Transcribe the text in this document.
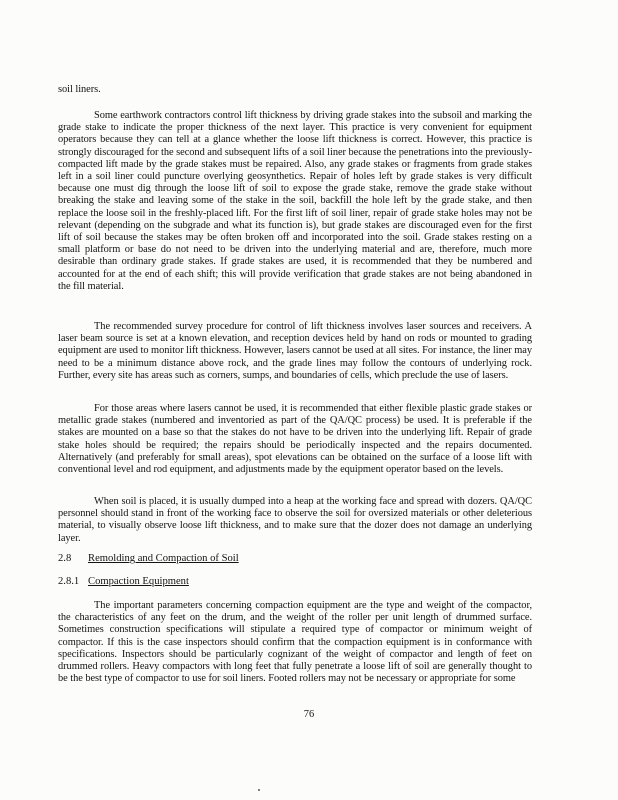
soil liners.

Some earthwork contractors control lift thickness by driving grade stakes into the subsoil and marking the grade stake to indicate the proper thickness of the next layer. This practice is very convenient for equipment operators because they can tell at a glance whether the loose lift thickness is correct. However, this practice is strongly discouraged for the second and subsequent lifts of a soil liner because the penetrations into the previously-compacted lift made by the grade stakes must be repaired. Also, any grade stakes or fragments from grade stakes left in a soil liner could puncture overlying geosynthetics. Repair of holes left by grade stakes is very difficult because one must dig through the loose lift of soil to expose the grade stake, remove the grade stake without breaking the stake and leaving some of the stake in the soil, backfill the hole left by the grade stake, and then replace the loose soil in the freshly-placed lift. For the first lift of soil liner, repair of grade stake holes may not be relevant (depending on the subgrade and what its function is), but grade stakes are discouraged even for the first lift of soil because the stakes may be often broken off and incorporated into the soil. Grade stakes resting on a small platform or base do not need to be driven into the underlying material and are, therefore, much more desirable than ordinary grade stakes. If grade stakes are used, it is recommended that they be numbered and accounted for at the end of each shift; this will provide verification that grade stakes are not being abandoned in the fill material.

The recommended survey procedure for control of lift thickness involves laser sources and receivers. A laser beam source is set at a known elevation, and reception devices held by hand on rods or mounted to grading equipment are used to monitor lift thickness. However, lasers cannot be used at all sites. For instance, the liner may need to be a minimum distance above rock, and the grade lines may follow the contours of underlying rock. Further, every site has areas such as corners, sumps, and boundaries of cells, which preclude the use of lasers.

For those areas where lasers cannot be used, it is recommended that either flexible plastic grade stakes or metallic grade stakes (numbered and inventoried as part of the QA/QC process) be used. It is preferable if the stakes are mounted on a base so that the stakes do not have to be driven into the underlying lift. Repair of grade stake holes should be required; the repairs should be periodically inspected and the repairs documented. Alternatively (and preferably for small areas), spot elevations can be obtained on the surface of a loose lift with conventional level and rod equipment, and adjustments made by the equipment operator based on the levels.

When soil is placed, it is usually dumped into a heap at the working face and spread with dozers. QA/QC personnel should stand in front of the working face to observe the soil for oversized materials or other deleterious material, to visually observe loose lift thickness, and to make sure that the dozer does not damage an underlying layer.

2.8 Remolding and Compaction of Soil

2.8.1 Compaction Equipment

The important parameters concerning compaction equipment are the type and weight of the compactor, the characteristics of any feet on the drum, and the weight of the roller per unit length of drummed surface. Sometimes construction specifications will stipulate a required type of compactor or minimum weight of compactor. If this is the case inspectors should confirm that the compaction equipment is in conformance with specifications. Inspectors should be particularly cognizant of the weight of compactor and length of feet on drummed rollers. Heavy compactors with long feet that fully penetrate a loose lift of soil are generally thought to be the best type of compactor to use for soil liners. Footed rollers may not be necessary or appropriate for some

76
